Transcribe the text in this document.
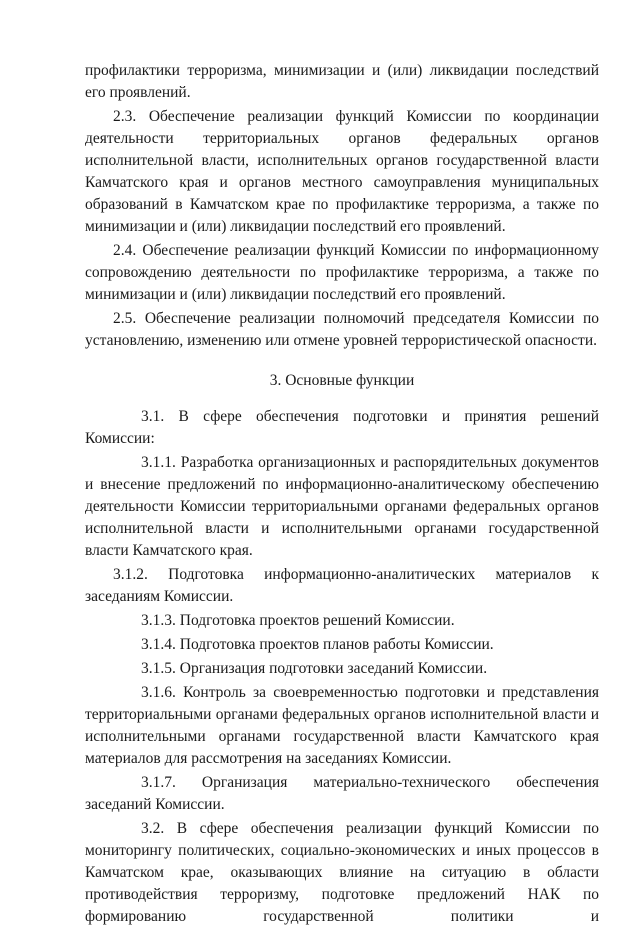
профилактики терроризма, минимизации и (или) ликвидации последствий его проявлений.

2.3. Обеспечение реализации функций Комиссии по координации деятельности территориальных органов федеральных органов исполнительной власти, исполнительных органов государственной власти Камчатского края и органов местного самоуправления муниципальных образований в Камчатском крае по профилактике терроризма, а также по минимизации и (или) ликвидации последствий его проявлений.

2.4. Обеспечение реализации функций Комиссии по информационному сопровождению деятельности по профилактике терроризма, а также по минимизации и (или) ликвидации последствий его проявлений.

2.5. Обеспечение реализации полномочий председателя Комиссии по установлению, изменению или отмене уровней террористической опасности.

3. Основные функции

3.1. В сфере обеспечения подготовки и принятия решений Комиссии:

3.1.1. Разработка организационных и распорядительных документов и внесение предложений по информационно-аналитическому обеспечению деятельности Комиссии территориальными органами федеральных органов исполнительной власти и исполнительными органами государственной власти Камчатского края.

3.1.2. Подготовка информационно-аналитических материалов к

заседаниям Комиссии.

3.1.3. Подготовка проектов решений Комиссии.

3.1.4. Подготовка проектов планов работы Комиссии.

3.1.5. Организация подготовки заседаний Комиссии.

3.1.6. Контроль за своевременностью подготовки и представления территориальными органами федеральных органов исполнительной власти и исполнительными органами государственной власти Камчатского края материалов для рассмотрения на заседаниях Комиссии.

3.1.7. Организация материально-технического обеспечения заседаний Комиссии.

3.2. В сфере обеспечения реализации функций Комиссии по мониторингу политических, социально-экономических и иных процессов в Камчатском крае, оказывающих влияние на ситуацию в области противодействия терроризму, подготовке предложений НАК по формированию государственной политики и
